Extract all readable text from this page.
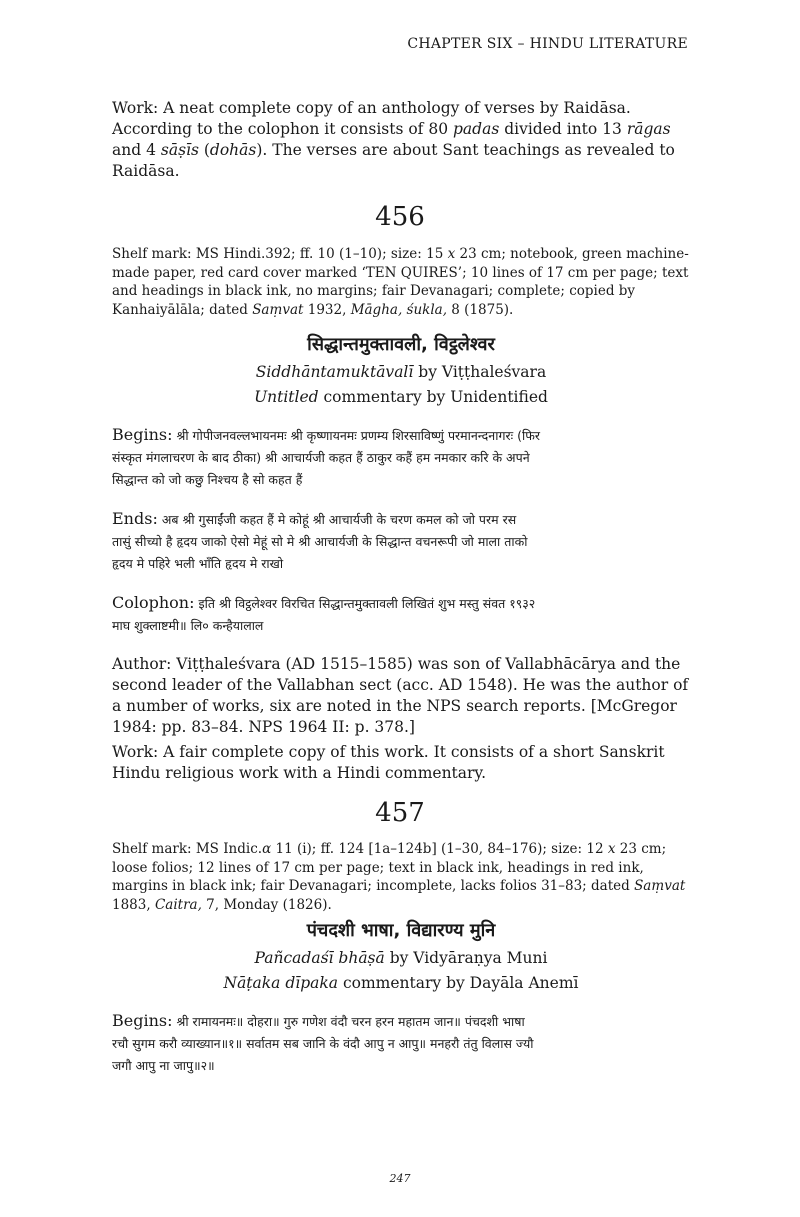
CHAPTER SIX – HINDU LITERATURE

Work: A neat complete copy of an anthology of verses by Raidāsa. According to the colophon it consists of 80 padas divided into 13 rāgas and 4 sāṣīs (dohās). The verses are about Sant teachings as revealed to Raidāsa.

456

Shelf mark: MS Hindi.392; ff. 10 (1–10); size: 15 x 23 cm; notebook, green machine-made paper, red card cover marked ‘TEN QUIRES’; 10 lines of 17 cm per page; text and headings in black ink, no margins; fair Devanagari; complete; copied by Kanhaiyālāla; dated Saṃvat 1932, Māgha, śukla, 8 (1875).

सिद्धान्तमुक्तावली, विट्ठलेश्वर
Siddhāntamuktāvalī by Viṭṭhaleśvara
Untitled commentary by Unidentified
Begins: श्री गोपीजनवल्लभायनमः श्री कृष्णायनमः प्रणम्य शिरसाविष्णुं परमानन्दनागरः (फिर
संस्कृत मंगलाचरण के बाद ठीका) श्री आचार्यजी कहत हैं ठाकुर कहैं हम नमकार करि के अपने
सिद्धान्त को जो कछु निश्चय है सो कहत हैं
Ends: अब श्री गुसाईंजी कहत हैं मे कोहूं श्री आचार्यजी के चरण कमल को जो परम रस
तासुं सीच्यो है हृदय जाको ऐसो मेहूं सो मे श्री आचार्यजी के सिद्धान्त वचनरूपी जो माला ताको
हृदय मे पहिरे भली भाँति हृदय मे राखो
Colophon: इति श्री विट्ठलेश्वर विरचित सिद्धान्तमुक्तावली लिखितं शुभ मस्तु संवत १९३२
माघ शुक्लाष्टमी॥ लि० कन्हैयालाल

Author: Viṭṭhaleśvara (AD 1515–1585) was son of Vallabhācārya and the second leader of the Vallabhan sect (acc. AD 1548). He was the author of a number of works, six are noted in the NPS search reports. [McGregor 1984: pp. 83–84. NPS 1964 II: p. 378.]

Work: A fair complete copy of this work. It consists of a short Sanskrit Hindu religious work with a Hindi commentary.

457

Shelf mark: MS Indic.α 11 (i); ff. 124 [1a–124b] (1–30, 84–176); size: 12 x 23 cm; loose folios; 12 lines of 17 cm per page; text in black ink, headings in red ink, margins in black ink; fair Devanagari; incomplete, lacks folios 31–83; dated Saṃvat 1883, Caitra, 7, Monday (1826).

पंचदशी भाषा, विद्यारण्य मुनि
Pañcadaśī bhāṣā by Vidyāraṇya Muni
Nāṭaka dīpaka commentary by Dayāla Anemī
Begins: श्री रामायनमः॥ दोहरा॥ गुरु गणेश वंदौ चरन हरन महातम जान॥ पंचदशी भाषा
रचौ सुगम करौ व्याख्यान॥१॥ सर्वातम सब जानि के वंदौ आपु न आपु॥ मनहरौ तंतु विलास ज्यौ
जगौ आपु ना जापु॥२॥
247
